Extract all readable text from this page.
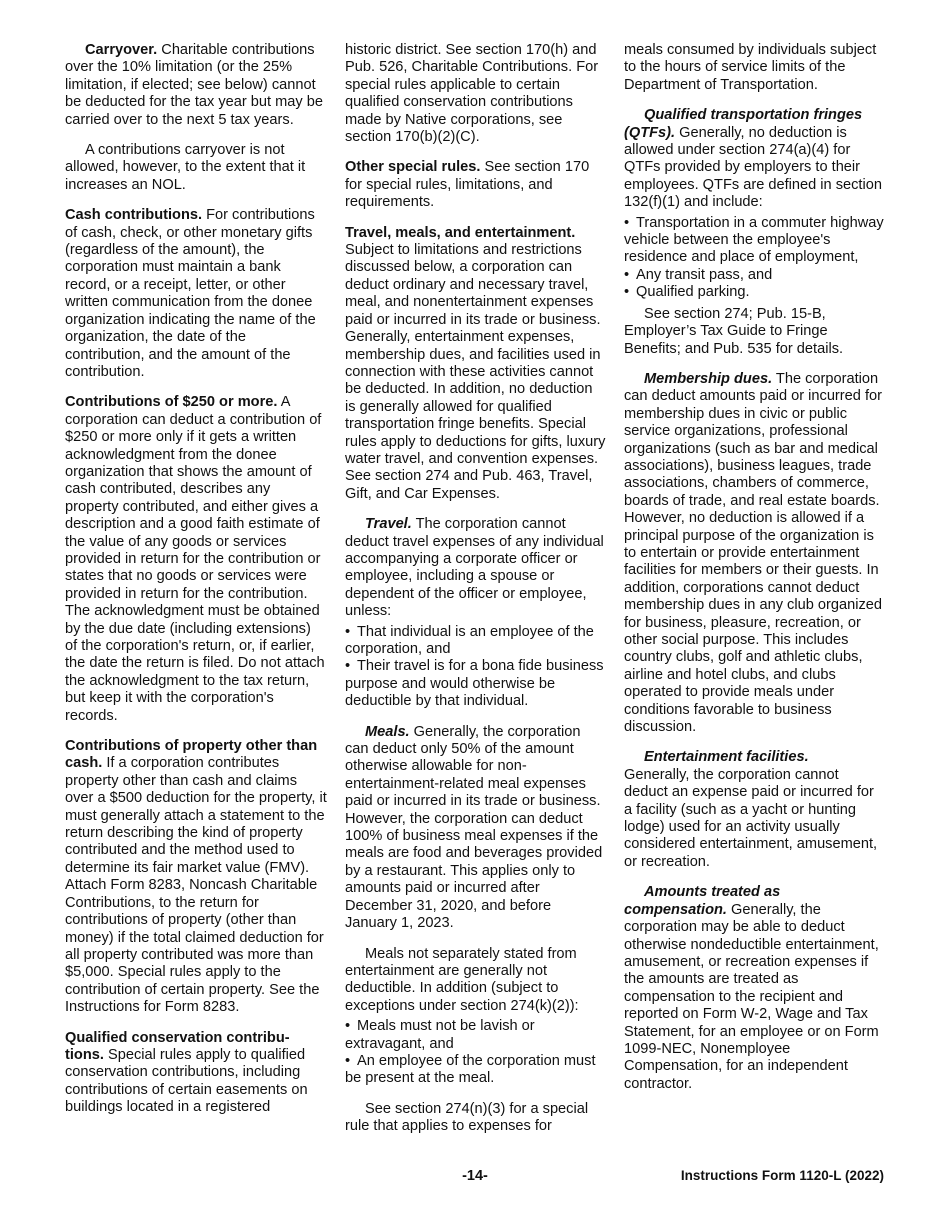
Carryover. Charitable contributions over the 10% limitation (or the 25% limitation, if elected; see below) cannot be deducted for the tax year but may be carried over to the next 5 tax years.

A contributions carryover is not allowed, however, to the extent that it increases an NOL.

Cash contributions. For contributions of cash, check, or other monetary gifts (regardless of the amount), the corporation must maintain a bank record, or a receipt, letter, or other written communication from the donee organization indicating the name of the organization, the date of the contribution, and the amount of the contribution.

Contributions of $250 or more. A corporation can deduct a contribution of $250 or more only if it gets a written acknowledgment from the donee organization that shows the amount of cash contributed, describes any property contributed, and either gives a description and a good faith estimate of the value of any goods or services provided in return for the contribution or states that no goods or services were provided in return for the contribution. The acknowledgment must be obtained by the due date (including extensions) of the corporation's return, or, if earlier, the date the return is filed. Do not attach the acknowledgment to the tax return, but keep it with the corporation's records.

Contributions of property other than cash. If a corporation contributes property other than cash and claims over a $500 deduction for the property, it must generally attach a statement to the return describing the kind of property contributed and the method used to determine its fair market value (FMV). Attach Form 8283, Noncash Charitable Contributions, to the return for contributions of property (other than money) if the total claimed deduction for all property contributed was more than $5,000. Special rules apply to the contribution of certain property. See the Instructions for Form 8283.

Qualified conservation contribu-tions. Special rules apply to qualified conservation contributions, including contributions of certain easements on buildings located in a registered

historic district. See section 170(h) and Pub. 526, Charitable Contributions. For special rules applicable to certain qualified conservation contributions made by Native corporations, see section 170(b)(2)(C).

Other special rules. See section 170 for special rules, limitations, and requirements.

Travel, meals, and entertainment. Subject to limitations and restrictions discussed below, a corporation can deduct ordinary and necessary travel, meal, and nonentertainment expenses paid or incurred in its trade or business. Generally, entertainment expenses, membership dues, and facilities used in connection with these activities cannot be deducted. In addition, no deduction is generally allowed for qualified transportation fringe benefits. Special rules apply to deductions for gifts, luxury water travel, and convention expenses. See section 274 and Pub. 463, Travel, Gift, and Car Expenses.

Travel. The corporation cannot deduct travel expenses of any individual accompanying a corporate officer or employee, including a spouse or dependent of the officer or employee, unless:

• That individual is an employee of the corporation, and

• Their travel is for a bona fide business purpose and would otherwise be deductible by that individual.

Meals. Generally, the corporation can deduct only 50% of the amount otherwise allowable for non-entertainment-related meal expenses paid or incurred in its trade or business. However, the corporation can deduct 100% of business meal expenses if the meals are food and beverages provided by a restaurant. This applies only to amounts paid or incurred after December 31, 2020, and before January 1, 2023.

Meals not separately stated from entertainment are generally not deductible. In addition (subject to exceptions under section 274(k)(2)):

• Meals must not be lavish or extravagant, and

• An employee of the corporation must be present at the meal.

See section 274(n)(3) for a special rule that applies to expenses for

meals consumed by individuals subject to the hours of service limits of the Department of Transportation.

Qualified transportation fringes (QTFs). Generally, no deduction is allowed under section 274(a)(4) for QTFs provided by employers to their employees. QTFs are defined in section 132(f)(1) and include:

• Transportation in a commuter highway vehicle between the employee's residence and place of employment,

• Any transit pass, and

• Qualified parking.

See section 274; Pub. 15-B, Employer’s Tax Guide to Fringe Benefits; and Pub. 535 for details.

Membership dues. The corporation can deduct amounts paid or incurred for membership dues in civic or public service organizations, professional organizations (such as bar and medical associations), business leagues, trade associations, chambers of commerce, boards of trade, and real estate boards. However, no deduction is allowed if a principal purpose of the organization is to entertain or provide entertainment facilities for members or their guests. In addition, corporations cannot deduct membership dues in any club organized for business, pleasure, recreation, or other social purpose. This includes country clubs, golf and athletic clubs, airline and hotel clubs, and clubs operated to provide meals under conditions favorable to business discussion.

Entertainment facilities.
Generally, the corporation cannot deduct an expense paid or incurred for a facility (such as a yacht or hunting lodge) used for an activity usually considered entertainment, amusement, or recreation.

Amounts treated as compensation. Generally, the corporation may be able to deduct otherwise nondeductible entertainment, amusement, or recreation expenses if the amounts are treated as compensation to the recipient and reported on Form W-2, Wage and Tax Statement, for an employee or on Form 1099-NEC, Nonemployee Compensation, for an independent contractor.

-14-	Instructions Form 1120-L (2022)
